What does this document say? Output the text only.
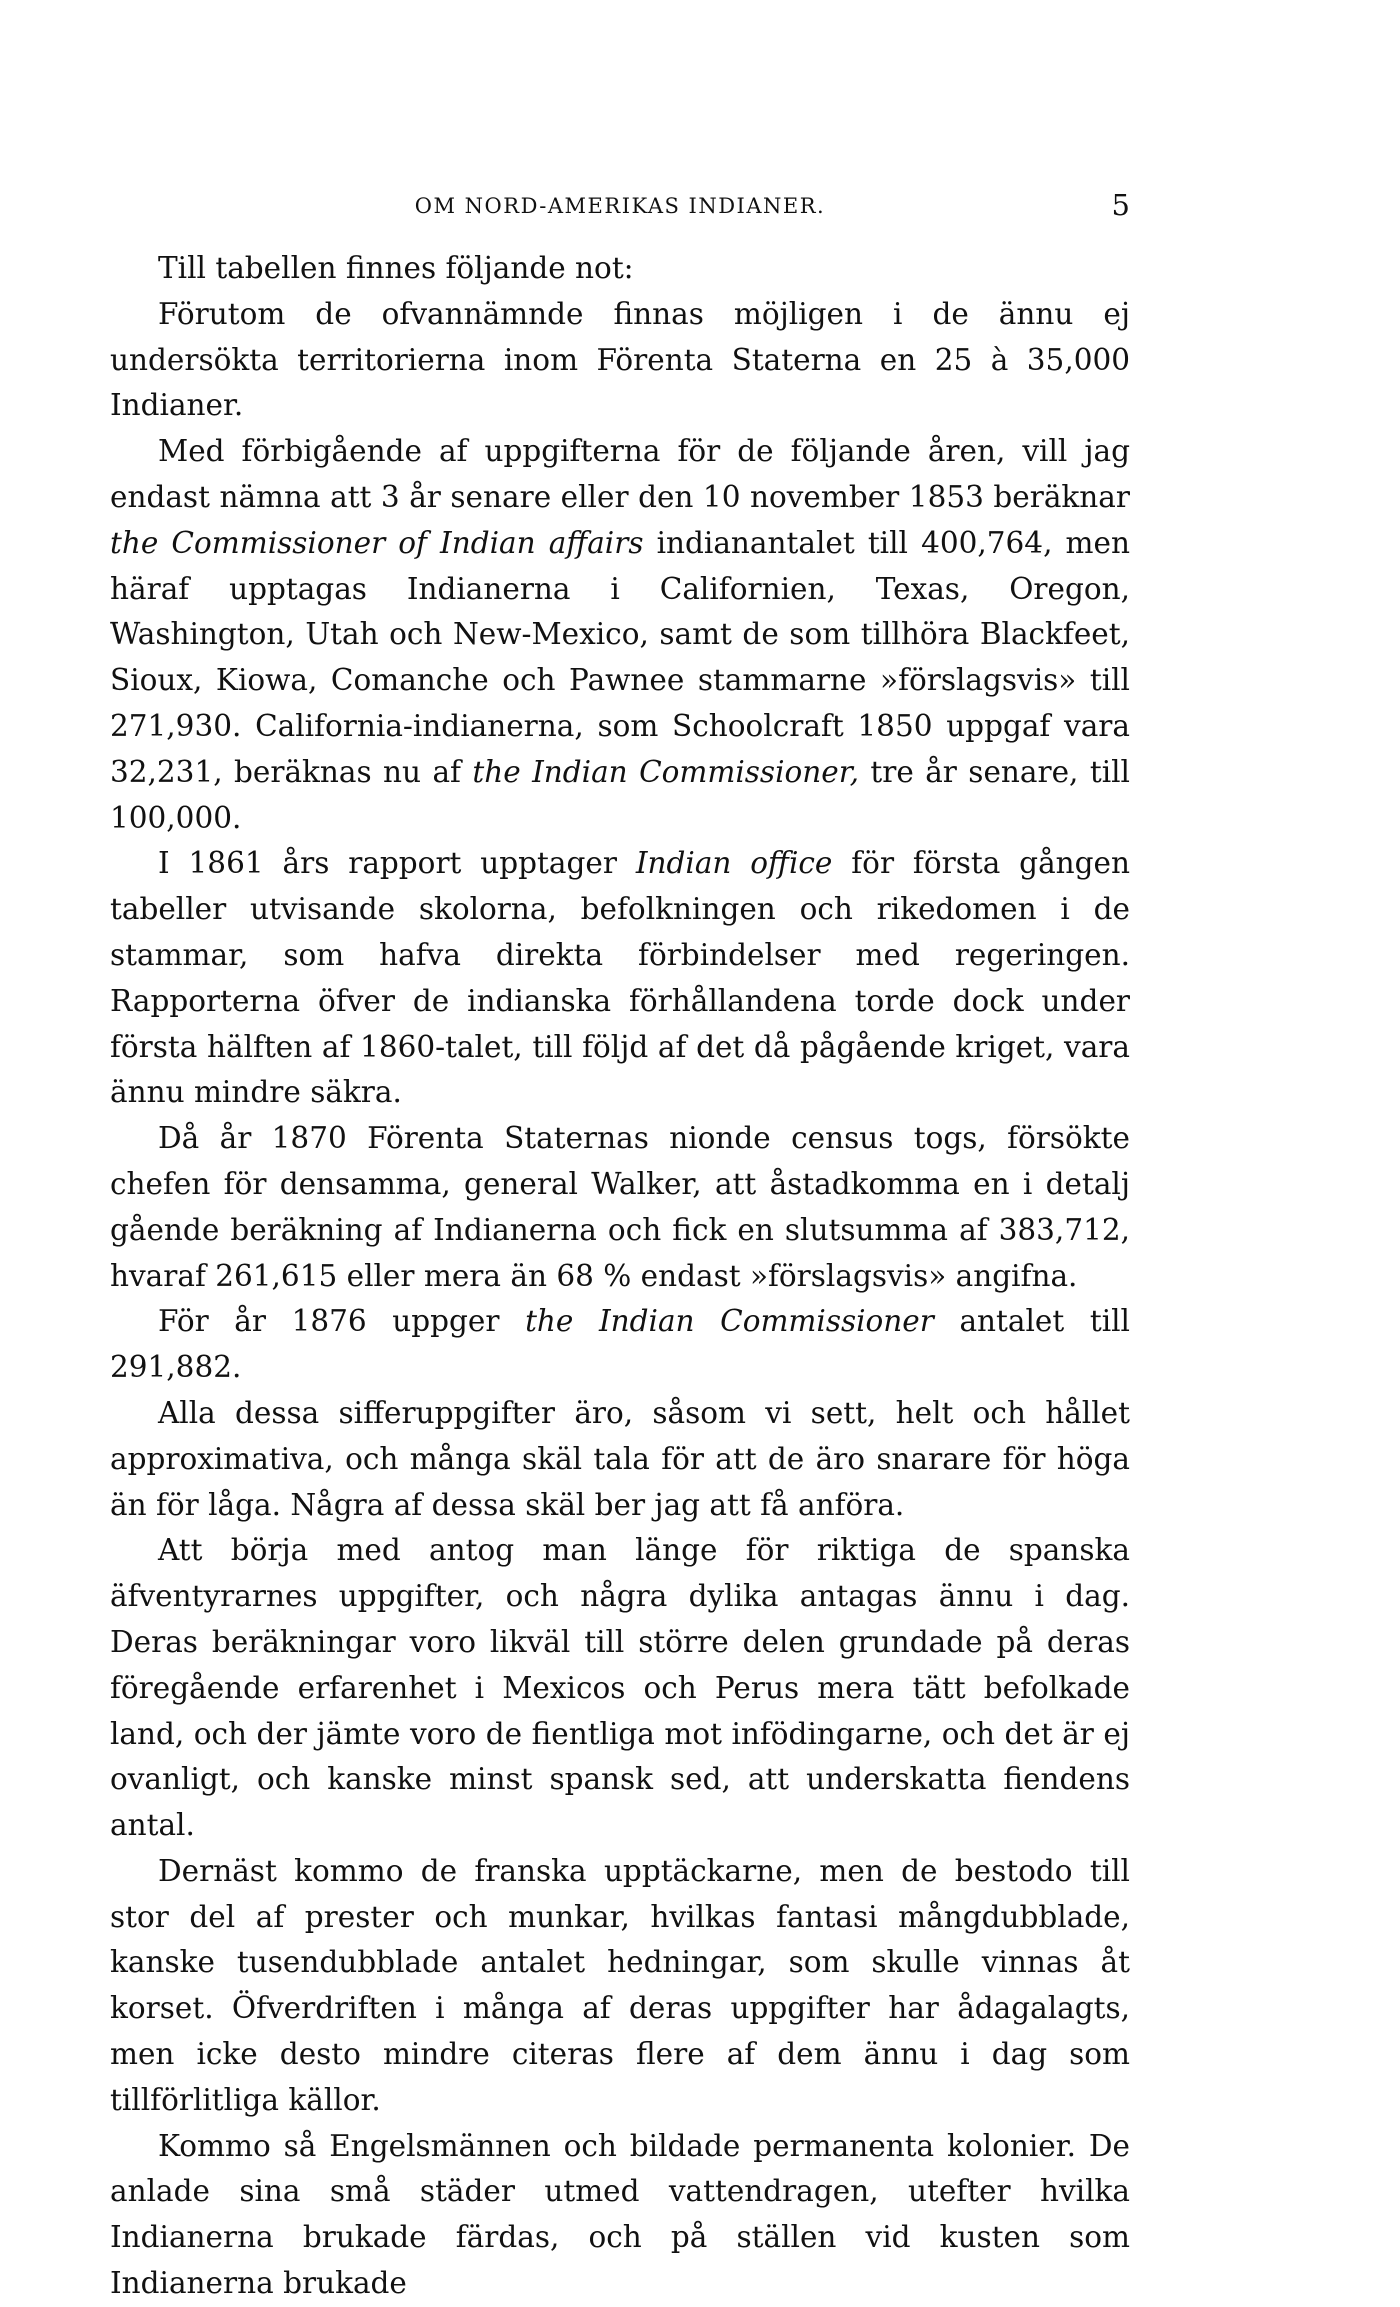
OM NORD-AMERIKAS INDIANER.	5

Till tabellen finnes följande not:

Förutom de ofvannämnde finnas möjligen i de ännu ej undersökta territorierna inom Förenta Staterna en 25 à 35,000 Indianer.

Med förbigående af uppgifterna för de följande åren, vill jag endast nämna att 3 år senare eller den 10 november 1853 beräknar the Commissioner of Indian affairs indianantalet till 400,764, men häraf upptagas Indianerna i Californien, Texas, Oregon, Washington, Utah och New-Mexico, samt de som tillhöra Blackfeet, Sioux, Kiowa, Comanche och Pawnee stammarne »förslagsvis» till 271,930. California-indianerna, som Schoolcraft 1850 uppgaf vara 32,231, beräknas nu af the Indian Commissioner, tre år senare, till 100,000.

I 1861 års rapport upptager Indian office för första gången tabeller utvisande skolorna, befolkningen och rikedomen i de stammar, som hafva direkta förbindelser med regeringen. Rapporterna öfver de indianska förhållandena torde dock under första hälften af 1860-talet, till följd af det då pågående kriget, vara ännu mindre säkra.

Då år 1870 Förenta Staternas nionde census togs, försökte chefen för densamma, general Walker, att åstadkomma en i detalj gående beräkning af Indianerna och fick en slutsumma af 383,712, hvaraf 261,615 eller mera än 68 % endast »förslagsvis» angifna.

För år 1876 uppger the Indian Commissioner antalet till 291,882.

Alla dessa sifferuppgifter äro, såsom vi sett, helt och hållet approximativa, och många skäl tala för att de äro snarare för höga än för låga. Några af dessa skäl ber jag att få anföra.

Att börja med antog man länge för riktiga de spanska äfventyrarnes uppgifter, och några dylika antagas ännu i dag. Deras beräkningar voro likväl till större delen grundade på deras föregående erfarenhet i Mexicos och Perus mera tätt befolkade land, och der jämte voro de fientliga mot infödingarne, och det är ej ovanligt, och kanske minst spansk sed, att underskatta fiendens antal.

Dernäst kommo de franska upptäckarne, men de bestodo till stor del af prester och munkar, hvilkas fantasi mångdubblade, kanske tusendubblade antalet hedningar, som skulle vinnas åt korset. Öfverdriften i många af deras uppgifter har ådagalagts, men icke desto mindre citeras flere af dem ännu i dag som tillförlitliga källor.

Kommo så Engelsmännen och bildade permanenta kolonier. De anlade sina små städer utmed vattendragen, utefter hvilka Indianerna brukade färdas, och på ställen vid kusten som Indianerna brukade
